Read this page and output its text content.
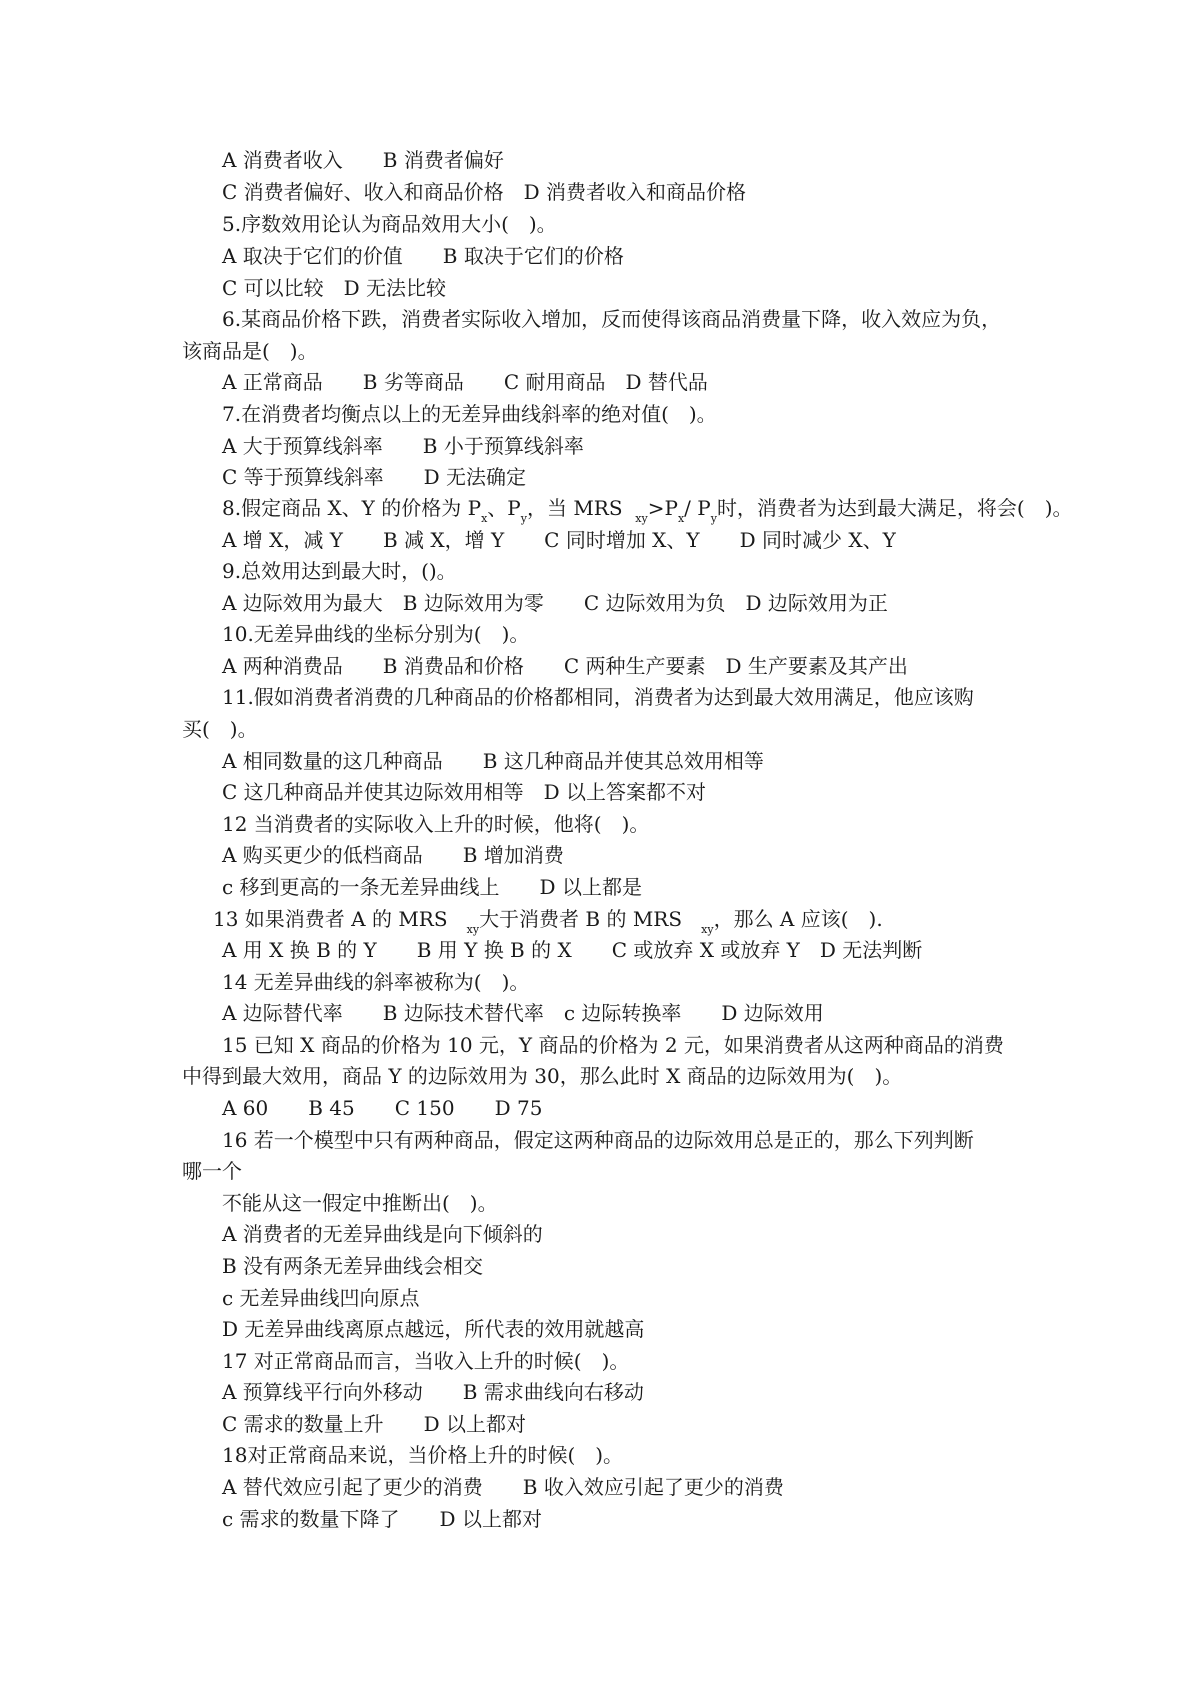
A 消费者收入　　B 消费者偏好
C 消费者偏好、收入和商品价格　D 消费者收入和商品价格
5.序数效用论认为商品效用大小(　)。
A 取决于它们的价值　　B 取决于它们的价格
C 可以比较　D 无法比较
6.某商品价格下跌，消费者实际收入增加，反而使得该商品消费量下降，收入效应为负，
该商品是(　)。
A 正常商品　　B 劣等商品　　C 耐用商品　D 替代品
7.在消费者均衡点以上的无差异曲线斜率的绝对值(　)。
A 大于预算线斜率　　B 小于预算线斜率
C 等于预算线斜率　　D 无法确定
8.假定商品 X、Y 的价格为 $P_x$、$P_y$，当 MRS $_{xy}>P_x/$ $P_y$时，消费者为达到最大满足，将会(　)。
A 增 X，减 Y　　B 减 X，增 Y　　C 同时增加 X、Y　　D 同时减少 X、Y
9.总效用达到最大时，()。
A 边际效用为最大　B 边际效用为零　　C 边际效用为负　D 边际效用为正
10.无差异曲线的坐标分别为(　)。
A 两种消费品　　B 消费品和价格　　C 两种生产要素　D 生产要素及其产出
11.假如消费者消费的几种商品的价格都相同，消费者为达到最大效用满足，他应该购
买(　)。
A 相同数量的这几种商品　　B 这几种商品并使其总效用相等
C 这几种商品并使其边际效用相等　D 以上答案都不对
12 当消费者的实际收入上升的时候，他将(　)。
A 购买更少的低档商品　　B 增加消费
c 移到更高的一条无差异曲线上　　D 以上都是
13 如果消费者 A 的 MRS $_{xy}$大于消费者 B 的 MRS $_{xy}$，那么 A 应该(　).
A 用 X 换 B 的 Y　　B 用 Y 换 B 的 X　　C 或放弃 X 或放弃 Y　D 无法判断
14 无差异曲线的斜率被称为(　)。
A 边际替代率　　B 边际技术替代率　c 边际转换率　　D 边际效用
15 已知 X 商品的价格为 10 元，Y 商品的价格为 2 元，如果消费者从这两种商品的消费
中得到最大效用，商品 Y 的边际效用为 30，那么此时 X 商品的边际效用为(　)。
A 60　　B 45　　C 150　　D 75
16 若一个模型中只有两种商品，假定这两种商品的边际效用总是正的，那么下列判断
哪一个
不能从这一假定中推断出(　)。
A 消费者的无差异曲线是向下倾斜的
B 没有两条无差异曲线会相交
c 无差异曲线凹向原点
D 无差异曲线离原点越远，所代表的效用就越高
17 对正常商品而言，当收入上升的时候(　)。
A 预算线平行向外移动　　B 需求曲线向右移动
C 需求的数量上升　　D 以上都对
18对正常商品来说，当价格上升的时候(　)。
A 替代效应引起了更少的消费　　B 收入效应引起了更少的消费
c 需求的数量下降了　　D 以上都对
